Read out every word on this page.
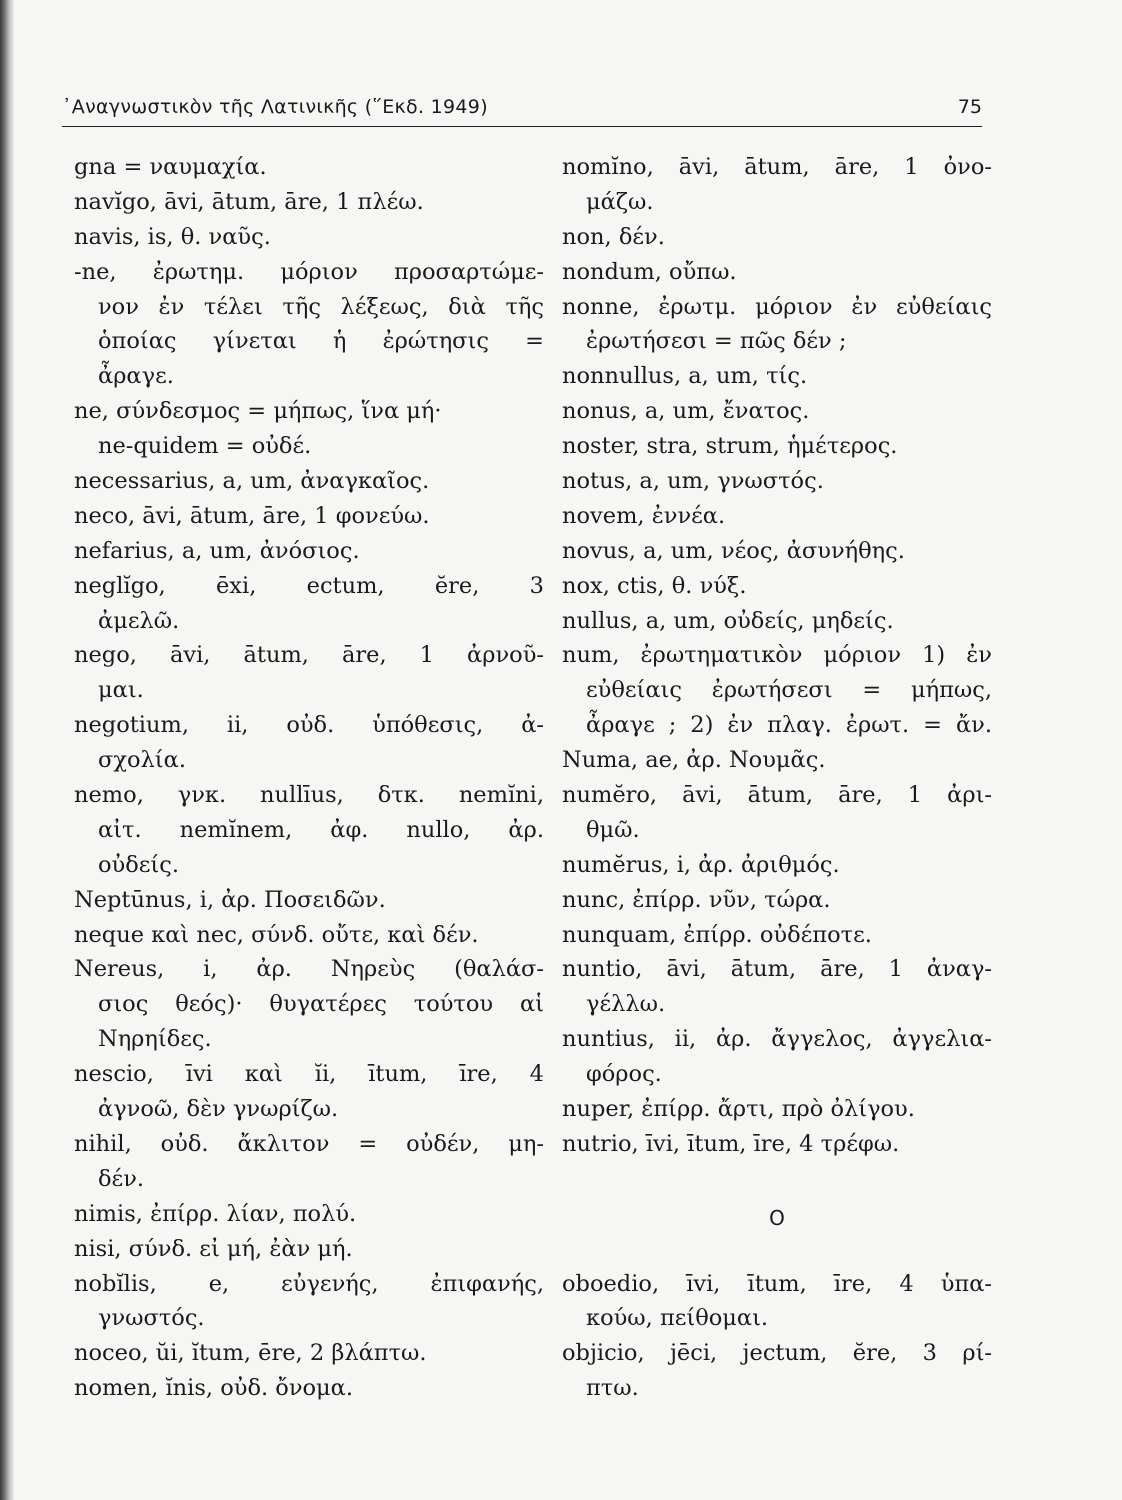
᾿Αναγνωστικὸν τῆς Λατινικῆς (῞Εκδ. 1949)	75
gna = ναυμαχία.
navĭgo, āvi, ātum, āre, 1 πλέω.
navis, is, θ. ναῦς.
-ne, ἐρωτημ. μόριον προσαρτώμε-
νον ἐν τέλει τῆς λέξεως, διὰ τῆς
ὁποίας γίνεται ἡ ἐρώτησις =
ἆραγε.
ne, σύνδεσμος = μήπως, ἵνα μή·
ne-quidem = οὐδέ.
necessarius, a, um, ἀναγκαῖος.
neco, āvi, ātum, āre, 1 φονεύω.
nefarius, a, um, ἀνόσιος.
neglĭgo, ēxi, ectum, ĕre, 3
ἀμελῶ.
nego, āvi, ātum, āre, 1 ἀρνοῦ-
μαι.
negotium, ii, οὐδ. ὑπόθεσις, ἀ-
σχολία.
nemo, γνκ. nullīus, δτκ. nemĭni,
αἰτ. nemĭnem, ἀφ. nullo, ἀρ.
οὐδείς.
Neptūnus, i, ἀρ. Ποσειδῶν.
neque καὶ nec, σύνδ. οὔτε, καὶ δέν.
Nereus, i, ἀρ. Νηρεὺς (θαλάσ-
σιος θεός)· θυγατέρες τούτου αἱ
Νηρηίδες.
nescio, īvi καὶ ĭi, ītum, īre, 4
ἀγνοῶ, δὲν γνωρίζω.
nihil, οὐδ. ἄκλιτον = οὐδέν, μη-
δέν.
nimis, ἐπίρρ. λίαν, πολύ.
nisi, σύνδ. εἰ μή, ἐὰν μή.
nobĭlis, e, εὐγενής, ἐπιφανής,
γνωστός.
noceo, ŭi, ĭtum, ēre, 2 βλάπτω.
nomen, ĭnis, οὐδ. ὄνομα.
nomĭno, āvi, ātum, āre, 1 ὀνο-
μάζω.
non, δέν.
nondum, οὔπω.
nonne, ἐρωτμ. μόριον ἐν εὐθείαις
ἐρωτήσεσι = πῶς δέν ;
nonnullus, a, um, τίς.
nonus, a, um, ἔνατος.
noster, stra, strum, ἡμέτερος.
notus, a, um, γνωστός.
novem, ἐννέα.
novus, a, um, νέος, ἀσυνήθης.
nox, ctis, θ. νύξ.
nullus, a, um, οὐδείς, μηδείς.
num, ἐρωτηματικὸν μόριον 1) ἐν
εὐθείαις ἐρωτήσεσι = μήπως,
ἆραγε ; 2) ἐν πλαγ. ἐρωτ. = ἄν.
Numa, ae, ἀρ. Νουμᾶς.
numĕro, āvi, ātum, āre, 1 ἀρι-
θμῶ.
numĕrus, i, ἀρ. ἀριθμός.
nunc, ἐπίρρ. νῦν, τώρα.
nunquam, ἐπίρρ. οὐδέποτε.
nuntio, āvi, ātum, āre, 1 ἀναγ-
γέλλω.
nuntius, ii, ἀρ. ἄγγελος, ἀγγελια-
φόρος.
nuper, ἐπίρρ. ἄρτι, πρὸ ὀλίγου.
nutrio, īvi, ītum, īre, 4 τρέφω.
O
oboedio, īvi, ītum, īre, 4 ὑπα-
κούω, πείθομαι.
objicio, jēci, jectum, ĕre, 3 ρί-
πτω.
